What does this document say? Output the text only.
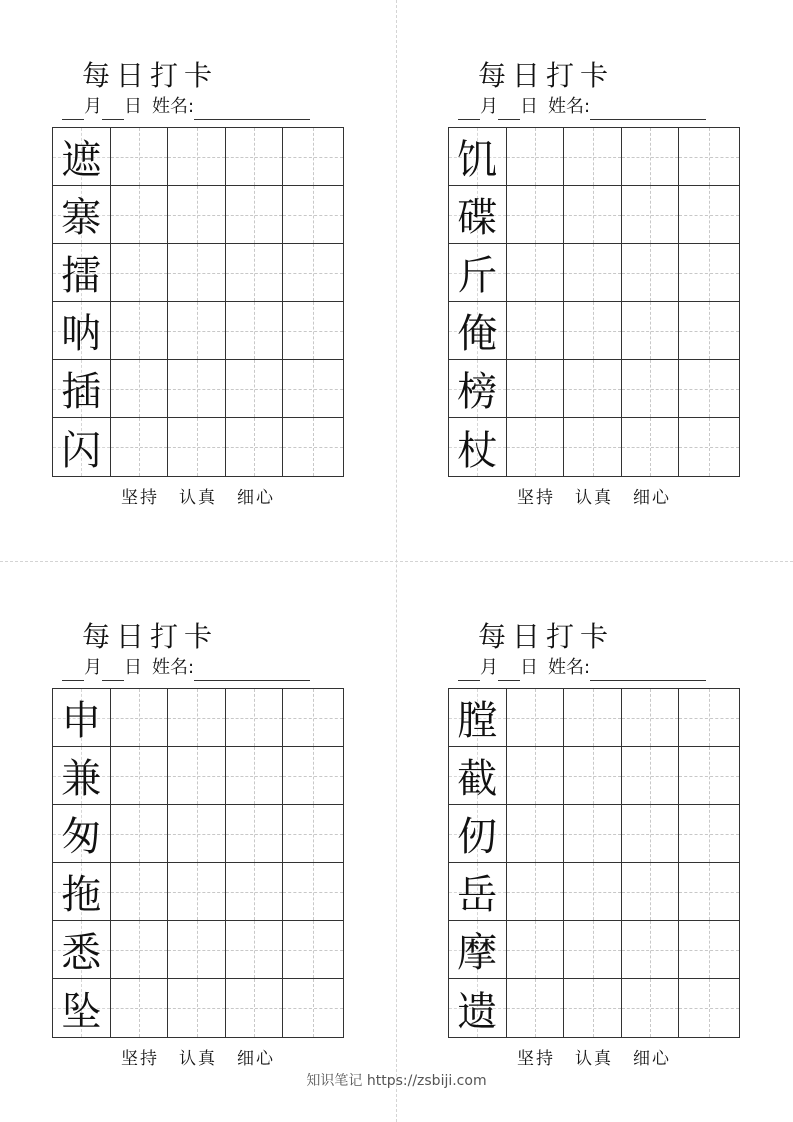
每日打卡
月 日 姓名:
遮
寨
擂
呐
插
闪
坚持 认真 细心
每日打卡
月 日 姓名:
饥
碟
斤
俺
榜
杖
坚持 认真 细心
每日打卡
月 日 姓名:
申
兼
匆
拖
悉
坠
坚持 认真 细心
每日打卡
月 日 姓名:
膛
截
仞
岳
摩
遗
坚持 认真 细心
知识笔记 https://zsbiji.com
